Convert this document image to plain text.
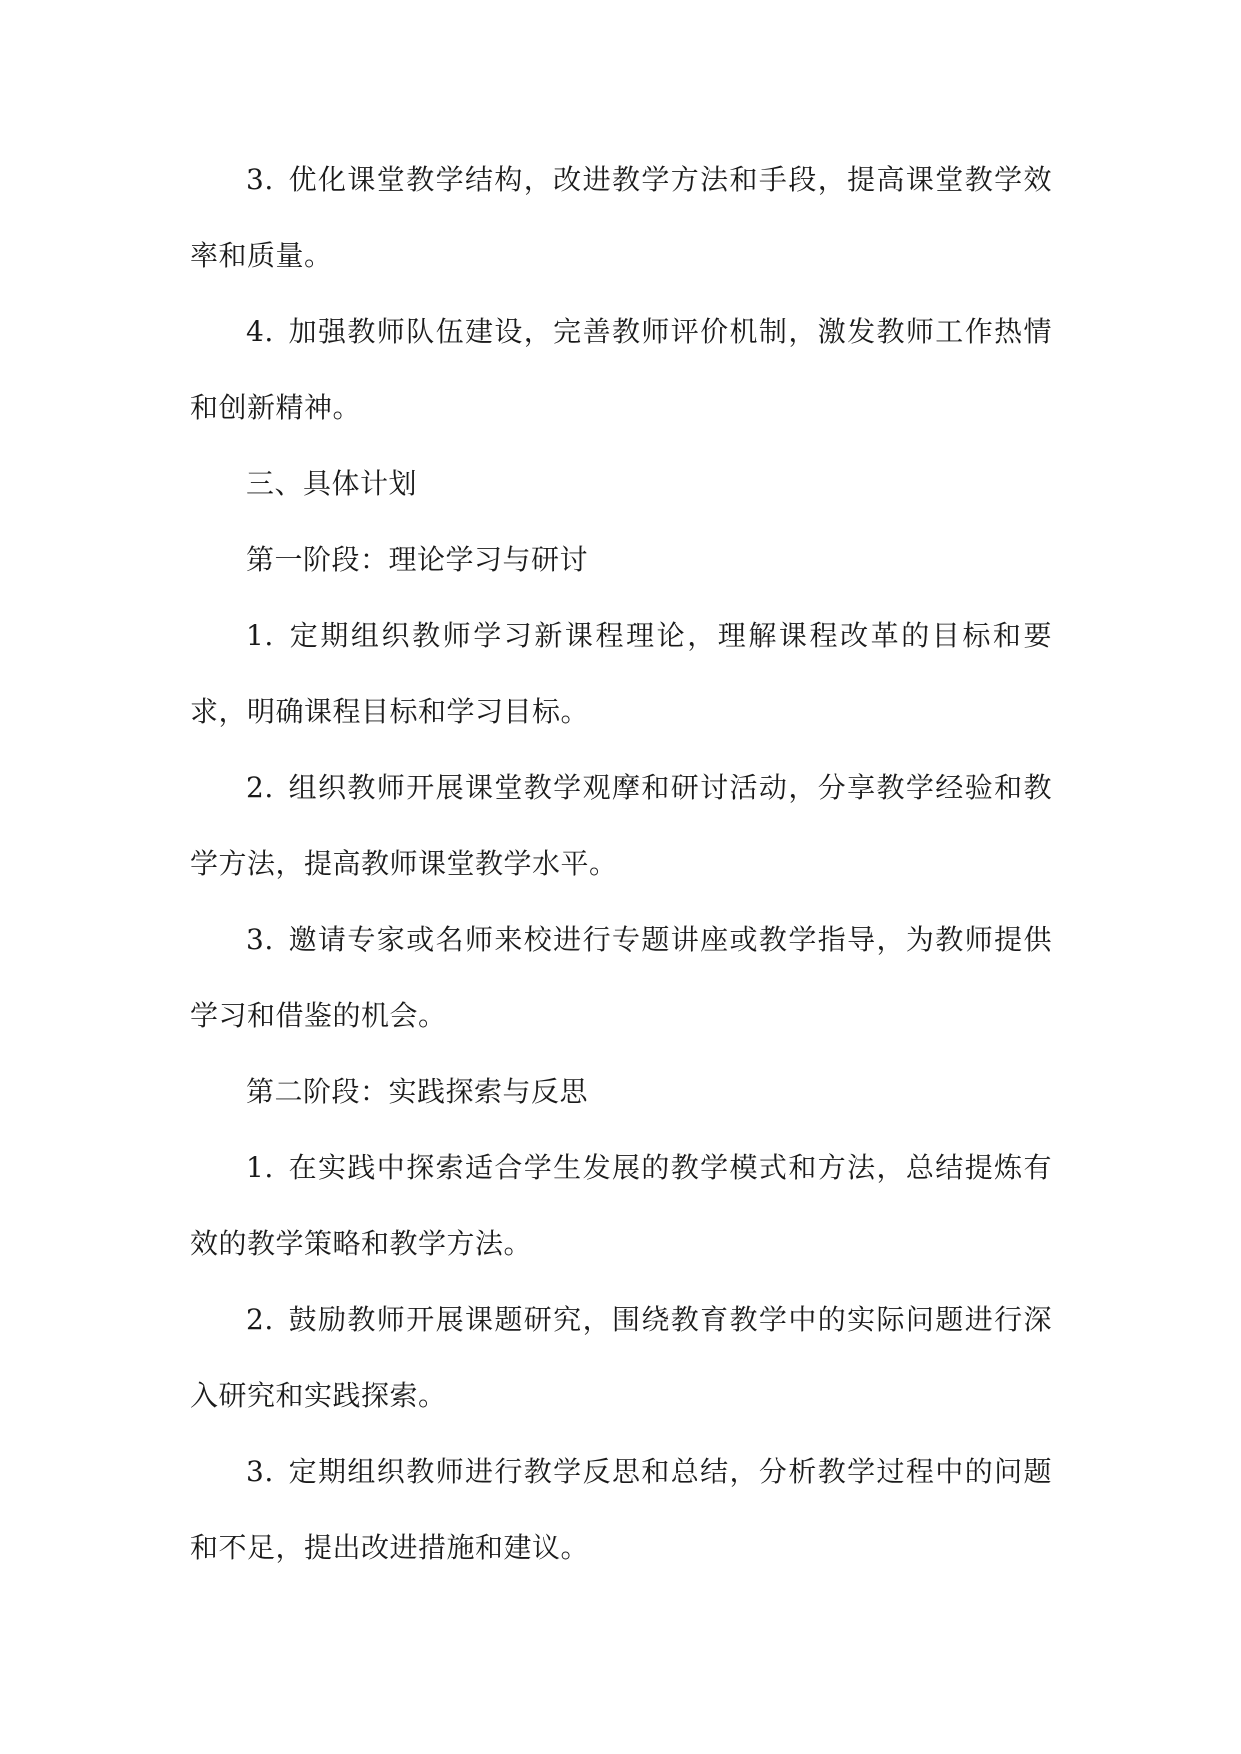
3. 优化课堂教学结构，改进教学方法和手段，提高课堂教学效率和质量。

4. 加强教师队伍建设，完善教师评价机制，激发教师工作热情和创新精神。

三、具体计划

第一阶段：理论学习与研讨

1. 定期组织教师学习新课程理论，理解课程改革的目标和要求，明确课程目标和学习目标。

2. 组织教师开展课堂教学观摩和研讨活动，分享教学经验和教学方法，提高教师课堂教学水平。

3. 邀请专家或名师来校进行专题讲座或教学指导，为教师提供学习和借鉴的机会。

第二阶段：实践探索与反思

1. 在实践中探索适合学生发展的教学模式和方法，总结提炼有效的教学策略和教学方法。

2. 鼓励教师开展课题研究，围绕教育教学中的实际问题进行深入研究和实践探索。

3. 定期组织教师进行教学反思和总结，分析教学过程中的问题和不足，提出改进措施和建议。
